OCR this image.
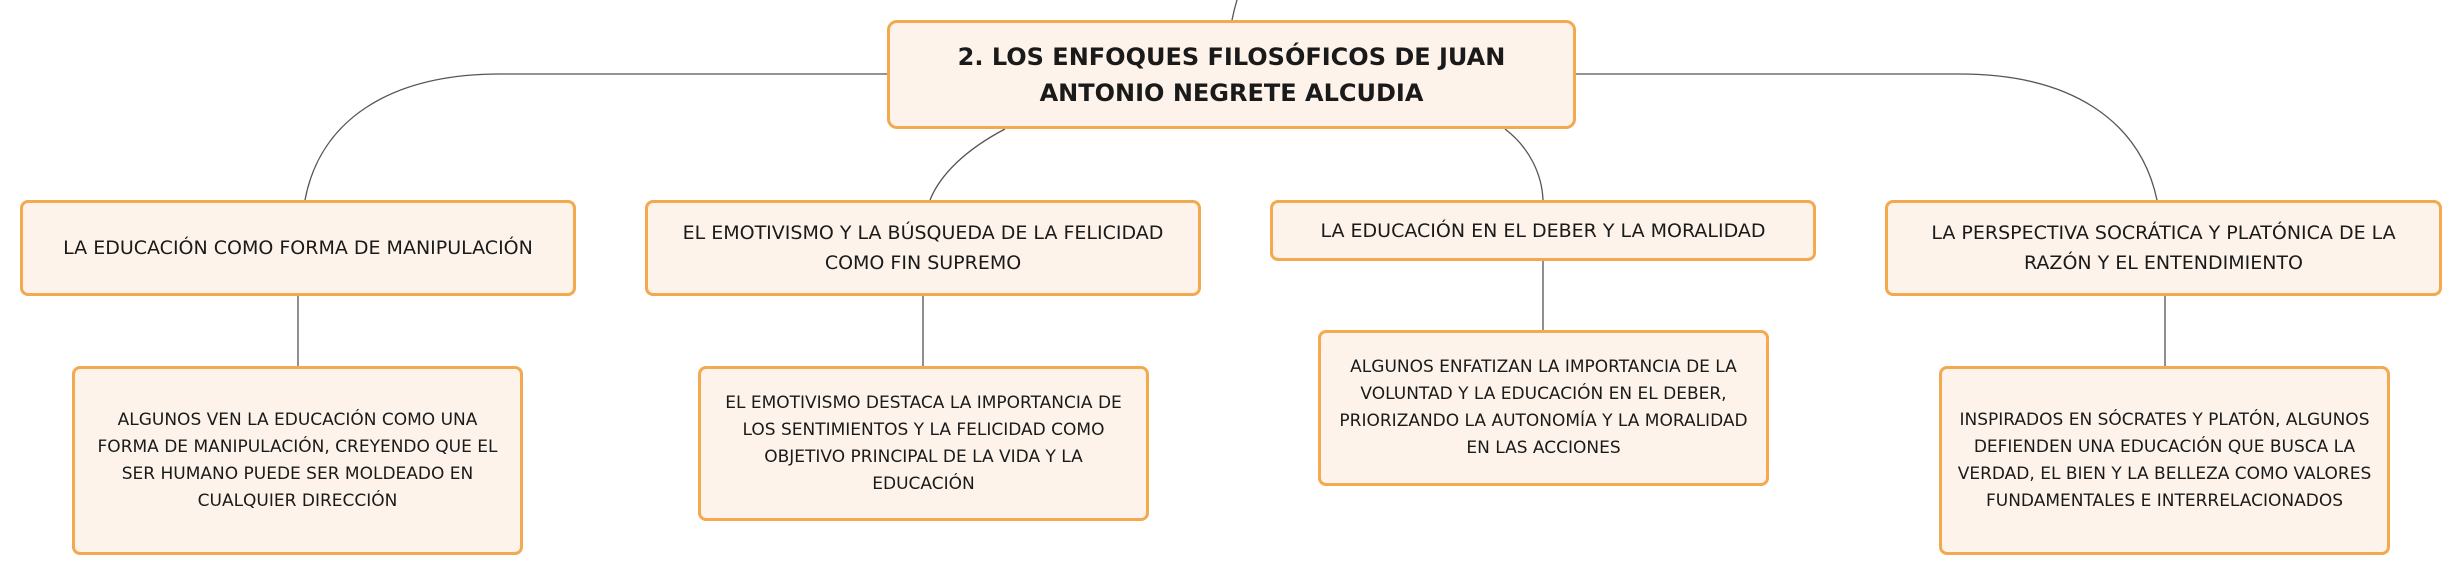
2. LOS ENFOQUES FILOSÓFICOS DE JUAN ANTONIO NEGRETE ALCUDIA
LA EDUCACIÓN COMO FORMA DE MANIPULACIÓN
EL EMOTIVISMO Y LA BÚSQUEDA DE LA FELICIDAD COMO FIN SUPREMO
LA EDUCACIÓN EN EL DEBER Y LA MORALIDAD	LA PERSPECTIVA SOCRÁTICA Y PLATÓNICA DE LA RAZÓN Y EL ENTENDIMIENTO
ALGUNOS VEN LA EDUCACIÓN COMO UNA FORMA DE MANIPULACIÓN, CREYENDO QUE EL SER HUMANO PUEDE SER MOLDEADO EN CUALQUIER DIRECCIÓN
EL EMOTIVISMO DESTACA LA IMPORTANCIA DE LOS SENTIMIENTOS Y LA FELICIDAD COMO OBJETIVO PRINCIPAL DE LA VIDA Y LA EDUCACIÓN
ALGUNOS ENFATIZAN LA IMPORTANCIA DE LA VOLUNTAD Y LA EDUCACIÓN EN EL DEBER, PRIORIZANDO LA AUTONOMÍA Y LA MORALIDAD EN LAS ACCIONES
INSPIRADOS EN SÓCRATES Y PLATÓN, ALGUNOS DEFIENDEN UNA EDUCACIÓN QUE BUSCA LA VERDAD, EL BIEN Y LA BELLEZA COMO VALORES FUNDAMENTALES E INTERRELACIONADOS
